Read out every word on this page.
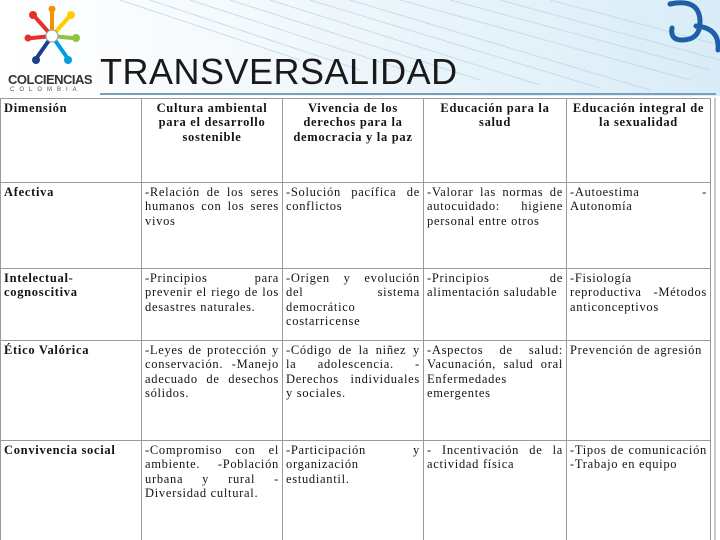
COLCIENCIAS
COLOMBIA TRANSVERSALIDAD
Dimensión	Cultura ambiental para el desarrollo sostenible	Vivencia de los derechos para la democracia y la paz	Educación para la salud	Educación integral de la sexualidad
Afectiva	-Relación de los seres humanos con los seres vivos	-Solución pacífica de conflictos	-Valorar las normas de autocuidado: higiene personal entre otros	-Autoestima -Autonomía
Intelectual-cognoscitiva	-Principios para prevenir el riego de los desastres naturales.	-Origen y evolución del sistema democrático costarricense	-Principios de alimentación saludable	-Fisiología reproductiva -Métodos anticonceptivos
Ético Valórica	-Leyes de protección y conservación. -Manejo adecuado de desechos sólidos.	-Código de la niñez y la adolescencia. -Derechos individuales y sociales.	-Aspectos de salud: Vacunación, salud oral Enfermedades emergentes	Prevención de agresión
Convivencia social	-Compromiso con el ambiente. -Población urbana y rural -Diversidad cultural.	-Participación y organización estudiantil.	- Incentivación de la actividad física	-Tipos de comunicación -Trabajo en equipo
